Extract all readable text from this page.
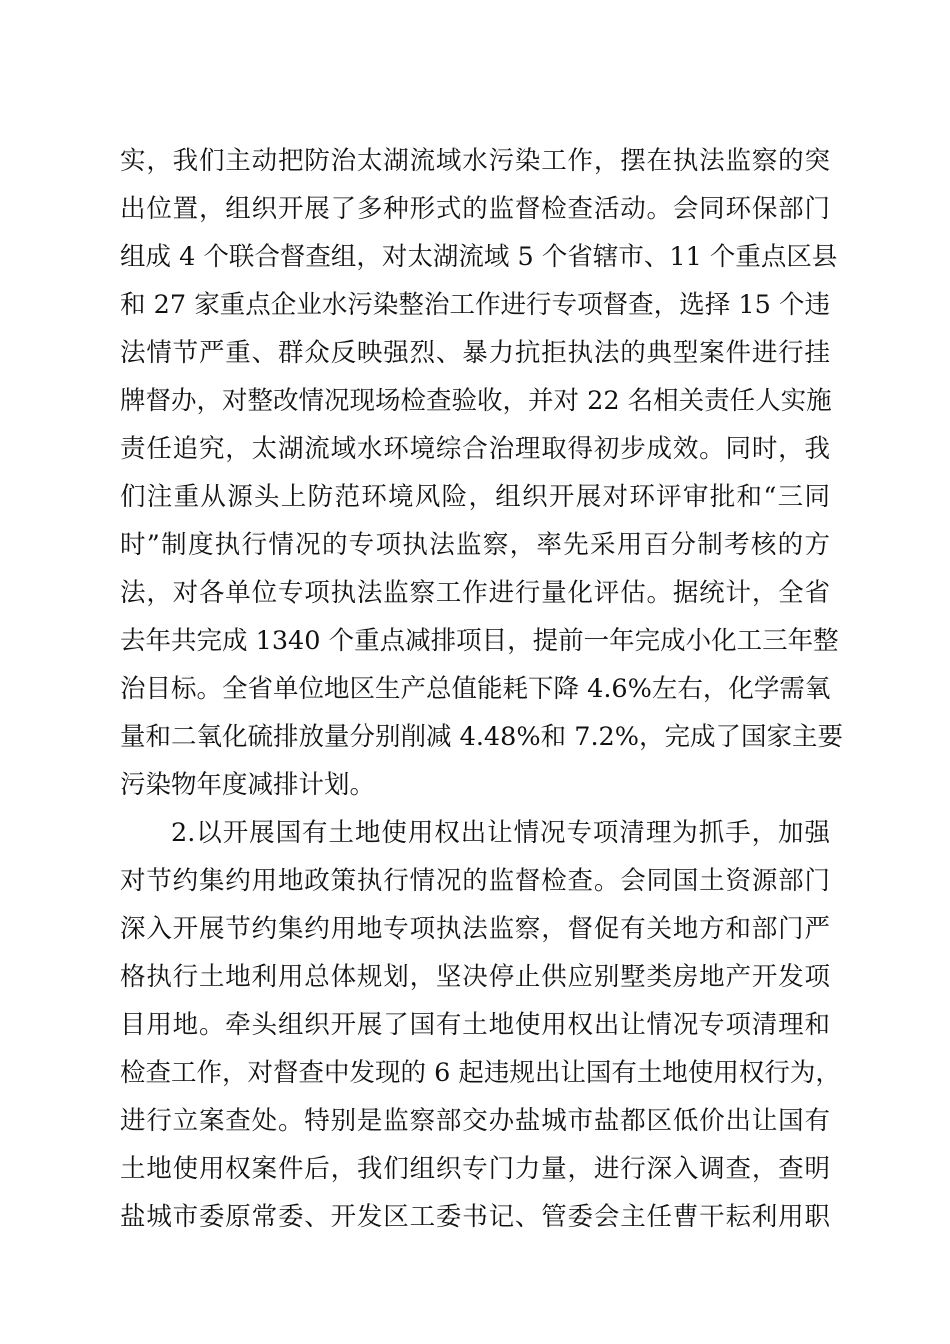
实，我们主动把防治太湖流域水污染工作，摆在执法监察的突
出位置，组织开展了多种形式的监督检查活动。会同环保部门
组成 4 个联合督查组，对太湖流域 5 个省辖市、11 个重点区县
和 27 家重点企业水污染整治工作进行专项督查，选择 15 个违
法情节严重、群众反映强烈、暴力抗拒执法的典型案件进行挂
牌督办，对整改情况现场检查验收，并对 22 名相关责任人实施
责任追究，太湖流域水环境综合治理取得初步成效。同时，我
们注重从源头上防范环境风险，组织开展对环评审批和“三同
时”制度执行情况的专项执法监察，率先采用百分制考核的方
法，对各单位专项执法监察工作进行量化评估。据统计，全省
去年共完成 1340 个重点减排项目，提前一年完成小化工三年整
治目标。全省单位地区生产总值能耗下降 4.6%左右，化学需氧
量和二氧化硫排放量分别削减 4.48%和 7.2%，完成了国家主要
污染物年度减排计划。
2.以开展国有土地使用权出让情况专项清理为抓手，加强
对节约集约用地政策执行情况的监督检查。会同国土资源部门
深入开展节约集约用地专项执法监察，督促有关地方和部门严
格执行土地利用总体规划，坚决停止供应别墅类房地产开发项
目用地。牵头组织开展了国有土地使用权出让情况专项清理和
检查工作，对督查中发现的 6 起违规出让国有土地使用权行为，
进行立案查处。特别是监察部交办盐城市盐都区低价出让国有
土地使用权案件后，我们组织专门力量，进行深入调查，查明
盐城市委原常委、开发区工委书记、管委会主任曹干耘利用职
